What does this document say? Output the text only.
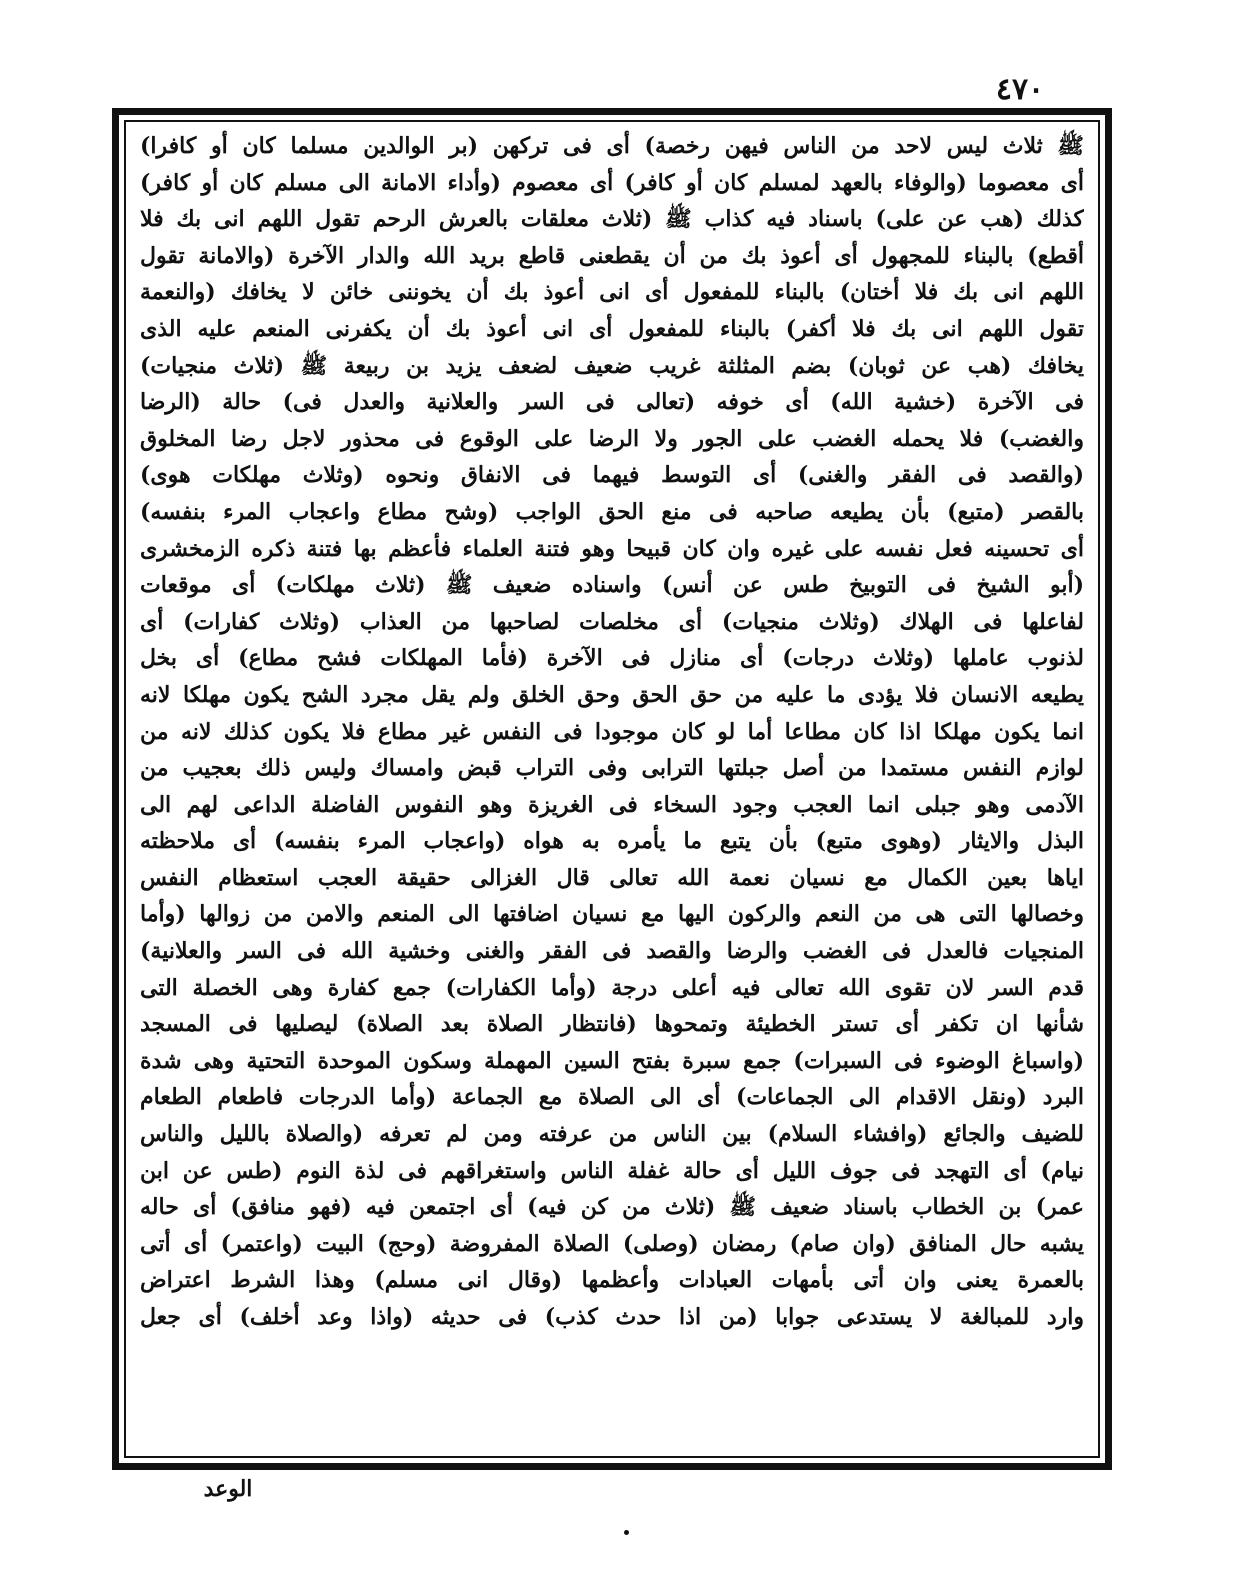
٤٧٠
ﷺ ثلاث ليس لاحد من الناس فيهن رخصة) أى فى تركهن (بر الوالدين مسلما كان أو كافرا)
أى معصوما (والوفاء بالعهد لمسلم كان أو كافر) أى معصوم (وأداء الامانة الى مسلم كان أو كافر)
كذلك (هب عن على) باسناد فيه كذاب ﷺ (ثلاث معلقات بالعرش الرحم تقول اللهم انى بك فلا
أقطع) بالبناء للمجهول أى أعوذ بك من أن يقطعنى قاطع بريد الله والدار الآخرة (والامانة تقول
اللهم انى بك فلا أختان) بالبناء للمفعول أى انى أعوذ بك أن يخوننى خائن لا يخافك (والنعمة
تقول اللهم انى بك فلا أكفر) بالبناء للمفعول أى انى أعوذ بك أن يكفرنى المنعم عليه الذى
يخافك (هب عن ثوبان) بضم المثلثة غريب ضعيف لضعف يزيد بن ربيعة ﷺ (ثلاث منجيات)
فى الآخرة (خشية الله) أى خوفه (تعالى فى السر والعلانية والعدل فى) حالة (الرضا
والغضب) فلا يحمله الغضب على الجور ولا الرضا على الوقوع فى محذور لاجل رضا المخلوق
(والقصد فى الفقر والغنى) أى التوسط فيهما فى الانفاق ونحوه (وثلاث مهلكات هوى)
بالقصر (متبع) بأن يطيعه صاحبه فى منع الحق الواجب (وشح مطاع واعجاب المرء بنفسه)
أى تحسينه فعل نفسه على غيره وان كان قبيحا وهو فتنة العلماء فأعظم بها فتنة ذكره الزمخشرى
(أبو الشيخ فى التوبيخ طس عن أنس) واسناده ضعيف ﷺ (ثلاث مهلكات) أى موقعات
لفاعلها فى الهلاك (وثلاث منجيات) أى مخلصات لصاحبها من العذاب (وثلاث كفارات) أى
لذنوب عاملها (وثلاث درجات) أى منازل فى الآخرة (فأما المهلكات فشح مطاع) أى بخل
يطيعه الانسان فلا يؤدى ما عليه من حق الحق وحق الخلق ولم يقل مجرد الشح يكون مهلكا لانه
انما يكون مهلكا اذا كان مطاعا أما لو كان موجودا فى النفس غير مطاع فلا يكون كذلك لانه من
لوازم النفس مستمدا من أصل جبلتها الترابى وفى التراب قبض وامساك وليس ذلك بعجيب من
الآدمى وهو جبلى انما العجب وجود السخاء فى الغريزة وهو النفوس الفاضلة الداعى لهم الى
البذل والايثار (وهوى متبع) بأن يتبع ما يأمره به هواه (واعجاب المرء بنفسه) أى ملاحظته
اياها بعين الكمال مع نسيان نعمة الله تعالى قال الغزالى حقيقة العجب استعظام النفس
وخصالها التى هى من النعم والركون اليها مع نسيان اضافتها الى المنعم والامن من زوالها (وأما
المنجيات فالعدل فى الغضب والرضا والقصد فى الفقر والغنى وخشية الله فى السر والعلانية)
قدم السر لان تقوى الله تعالى فيه أعلى درجة (وأما الكفارات) جمع كفارة وهى الخصلة التى
شأنها ان تكفر أى تستر الخطيئة وتمحوها (فانتظار الصلاة بعد الصلاة) ليصليها فى المسجد
(واسباغ الوضوء فى السبرات) جمع سبرة بفتح السين المهملة وسكون الموحدة التحتية وهى شدة
البرد (ونقل الاقدام الى الجماعات) أى الى الصلاة مع الجماعة (وأما الدرجات فاطعام الطعام
للضيف والجائع (وافشاء السلام) بين الناس من عرفته ومن لم تعرفه (والصلاة بالليل والناس
نيام) أى التهجد فى جوف الليل أى حالة غفلة الناس واستغراقهم فى لذة النوم (طس عن ابن
عمر) بن الخطاب باسناد ضعيف ﷺ (ثلاث من كن فيه) أى اجتمعن فيه (فهو منافق) أى حاله
يشبه حال المنافق (وان صام) رمضان (وصلى) الصلاة المفروضة (وحج) البيت (واعتمر) أى أتى
بالعمرة يعنى وان أتى بأمهات العبادات وأعظمها (وقال انى مسلم) وهذا الشرط اعتراض
وارد للمبالغة لا يستدعى جوابا (من اذا حدث كذب) فى حديثه (واذا وعد أخلف) أى جعل
الوعد
